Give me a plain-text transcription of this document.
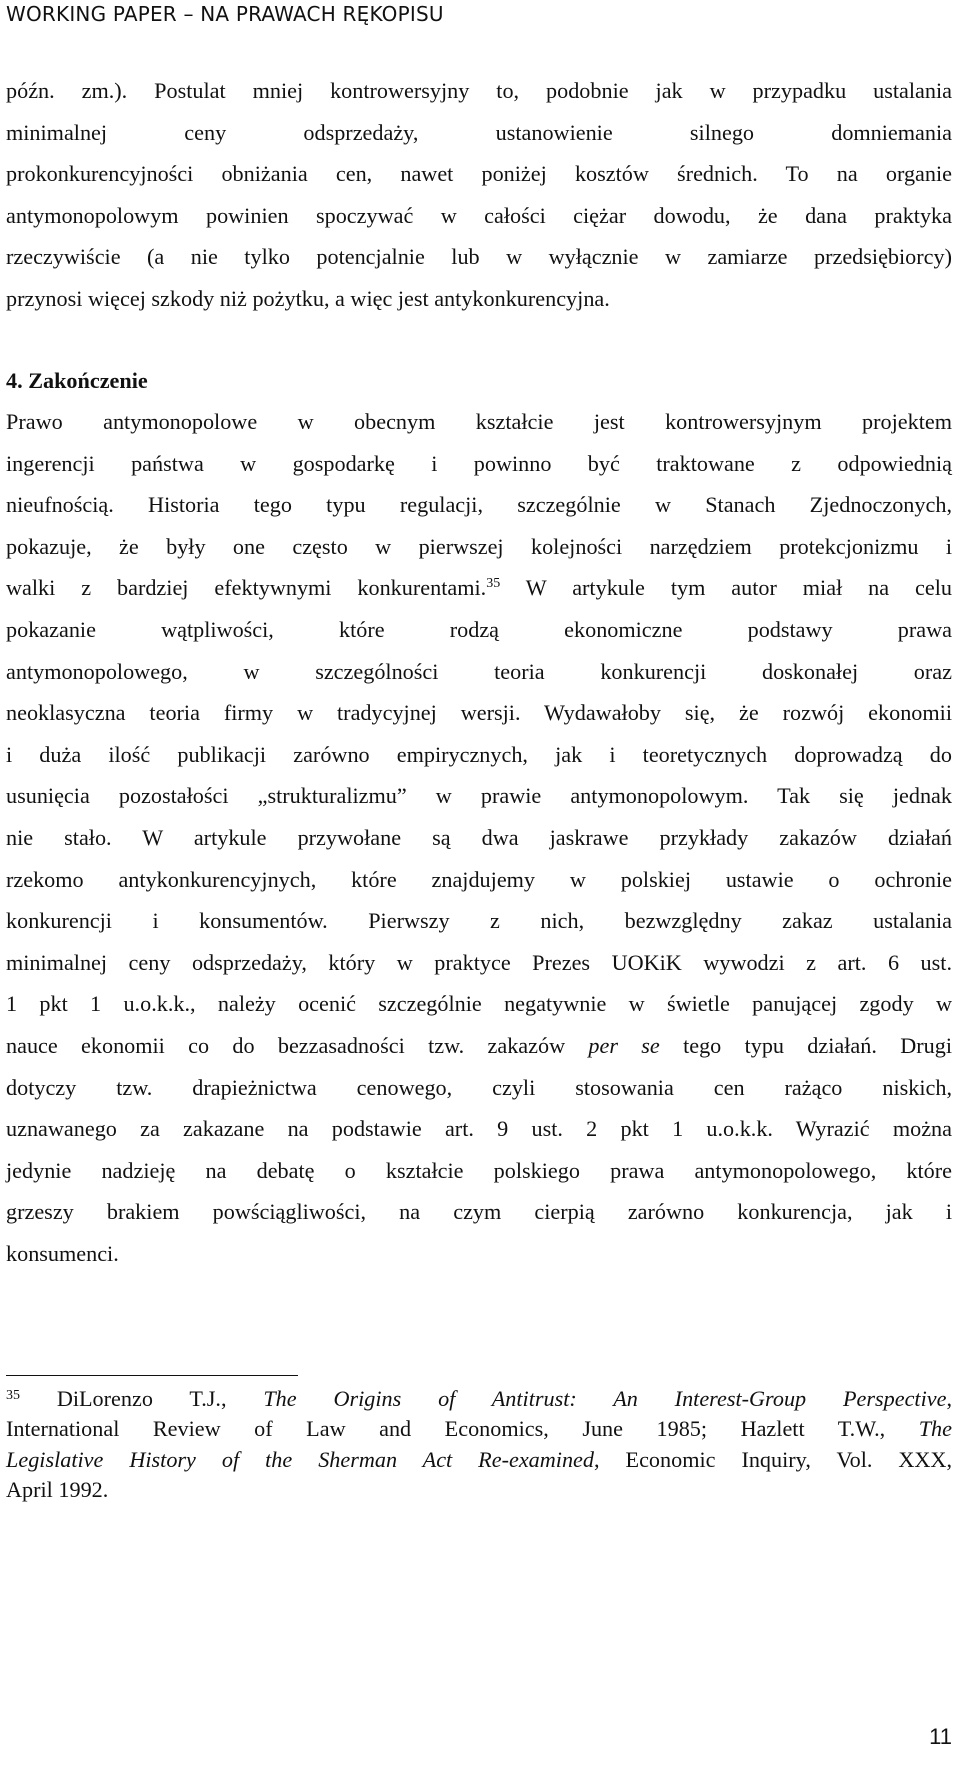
WORKING PAPER – NA PRAWACH RĘKOPISU
późn. zm.). Postulat mniej kontrowersyjny to, podobnie jak w przypadku ustalania
minimalnej ceny odsprzedaży, ustanowienie silnego domniemania
prokonkurencyjności obniżania cen, nawet poniżej kosztów średnich. To na organie
antymonopolowym powinien spoczywać w całości ciężar dowodu, że dana praktyka
rzeczywiście (a nie tylko potencjalnie lub w wyłącznie w zamiarze przedsiębiorcy)
przynosi więcej szkody niż pożytku, a więc jest antykonkurencyjna.
4. Zakończenie
Prawo antymonopolowe w obecnym kształcie jest kontrowersyjnym projektem
ingerencji państwa w gospodarkę i powinno być traktowane z odpowiednią
nieufnością. Historia tego typu regulacji, szczególnie w Stanach Zjednoczonych,
pokazuje, że były one często w pierwszej kolejności narzędziem protekcjonizmu i
walki z bardziej efektywnymi konkurentami.$^{35}$ W artykule tym autor miał na celu
pokazanie wątpliwości, które rodzą ekonomiczne podstawy prawa
antymonopolowego, w szczególności teoria konkurencji doskonałej oraz
neoklasyczna teoria firmy w tradycyjnej wersji. Wydawałoby się, że rozwój ekonomii
i duża ilość publikacji zarówno empirycznych, jak i teoretycznych doprowadzą do
usunięcia pozostałości „strukturalizmu” w prawie antymonopolowym. Tak się jednak
nie stało. W artykule przywołane są dwa jaskrawe przykłady zakazów działań
rzekomo antykonkurencyjnych, które znajdujemy w polskiej ustawie o ochronie
konkurencji i konsumentów. Pierwszy z nich, bezwzględny zakaz ustalania
minimalnej ceny odsprzedaży, który w praktyce Prezes UOKiK wywodzi z art. 6 ust.
1 pkt 1 u.o.k.k., należy ocenić szczególnie negatywnie w świetle panującej zgody w
nauce ekonomii co do bezzasadności tzw. zakazów per se tego typu działań. Drugi
dotyczy tzw. drapieżnictwa cenowego, czyli stosowania cen rażąco niskich,
uznawanego za zakazane na podstawie art. 9 ust. 2 pkt 1 u.o.k.k. Wyrazić można
jedynie nadzieję na debatę o kształcie polskiego prawa antymonopolowego, które
grzeszy brakiem powściągliwości, na czym cierpią zarówno konkurencja, jak i
konsumenci.
$^{35}$ DiLorenzo T.J., The Origins of Antitrust: An Interest-Group Perspective,
International Review of Law and Economics, June 1985; Hazlett T.W., The
Legislative History of the Sherman Act Re-examined, Economic Inquiry, Vol. XXX,
April 1992.
11
